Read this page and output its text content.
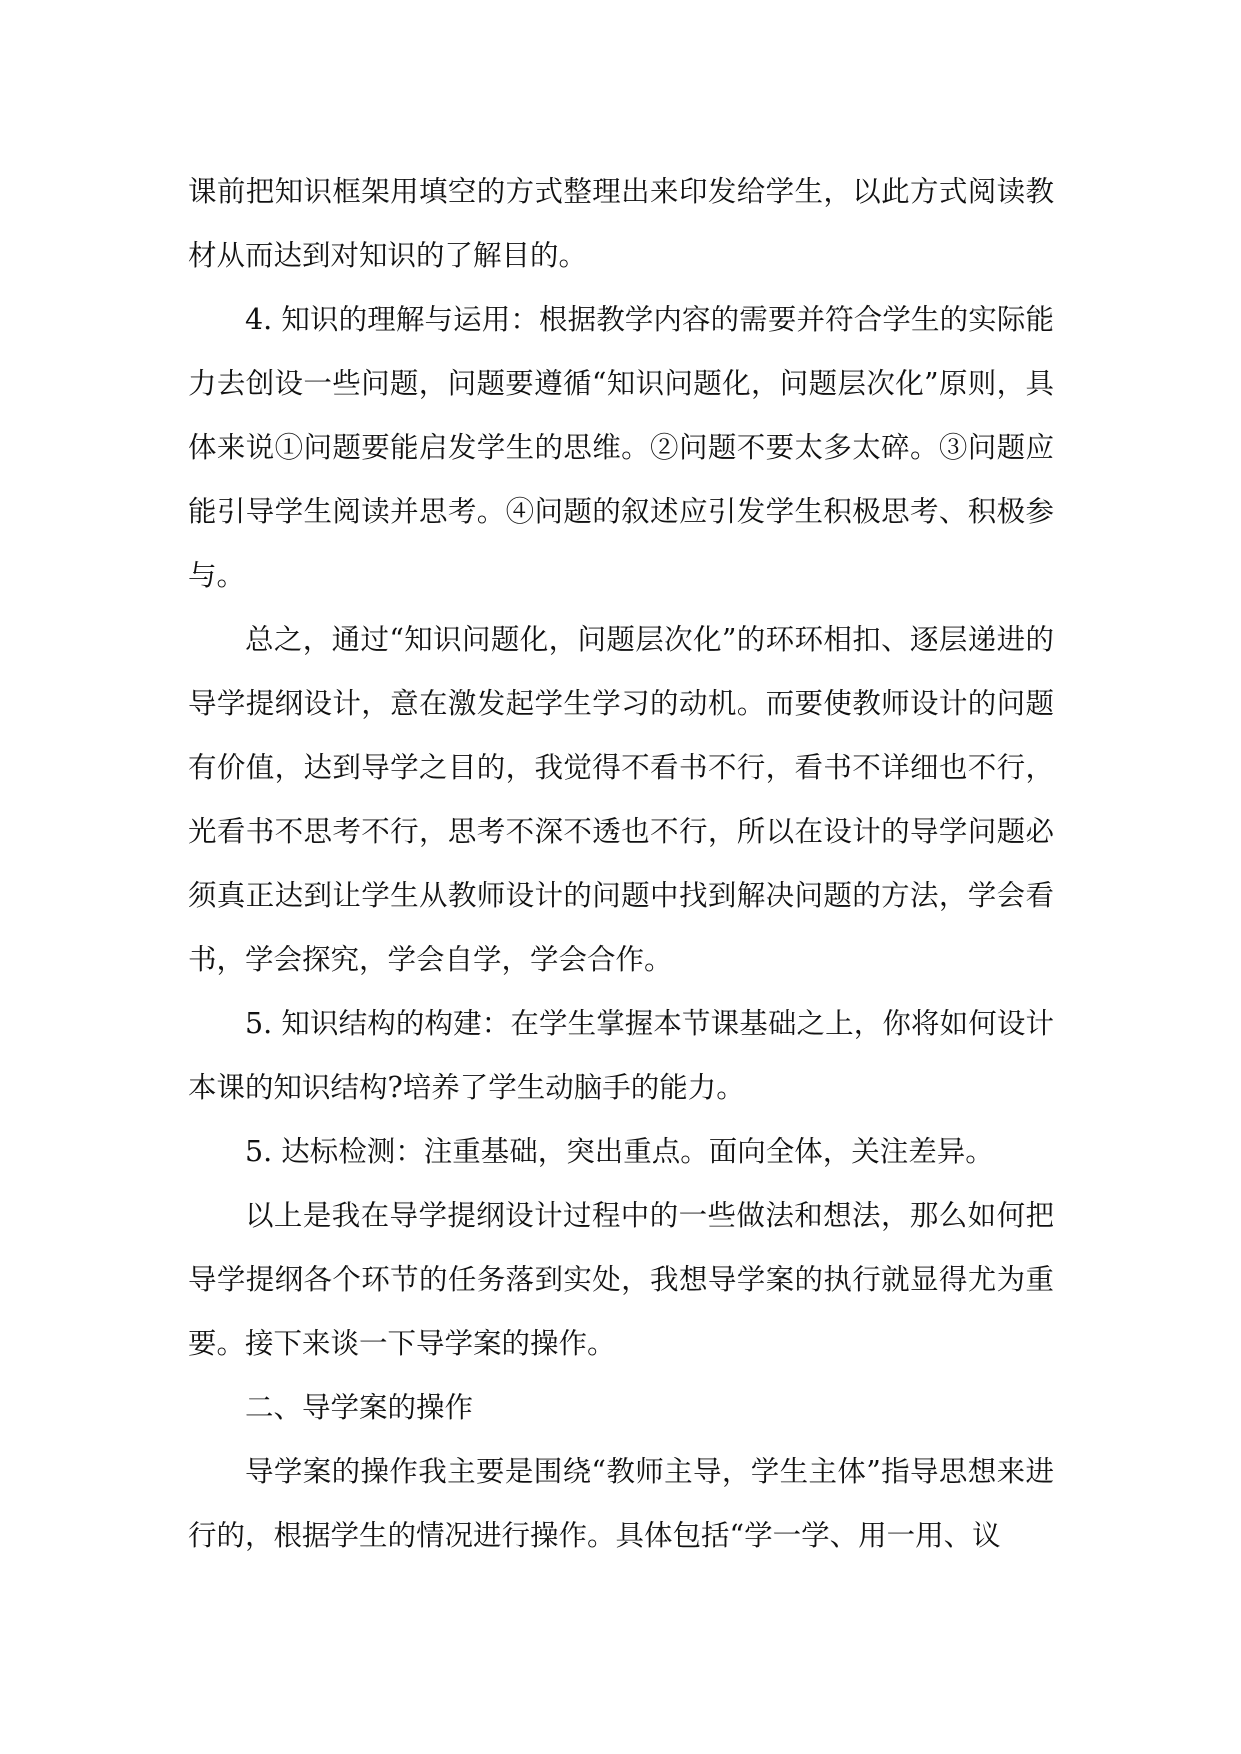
课前把知识框架用填空的方式整理出来印发给学生，以此方式阅读教材从而达到对知识的了解目的。

4. 知识的理解与运用：根据教学内容的需要并符合学生的实际能力去创设一些问题，问题要遵循“知识问题化，问题层次化”原则，具体来说①问题要能启发学生的思维。②问题不要太多太碎。③问题应能引导学生阅读并思考。④问题的叙述应引发学生积极思考、积极参与。

总之，通过“知识问题化，问题层次化”的环环相扣、逐层递进的导学提纲设计，意在激发起学生学习的动机。而要使教师设计的问题有价值，达到导学之目的，我觉得不看书不行，看书不详细也不行，光看书不思考不行，思考不深不透也不行，所以在设计的导学问题必须真正达到让学生从教师设计的问题中找到解决问题的方法，学会看书，学会探究，学会自学，学会合作。

5. 知识结构的构建：在学生掌握本节课基础之上，你将如何设计本课的知识结构?培养了学生动脑手的能力。

5. 达标检测：注重基础，突出重点。面向全体，关注差异。

以上是我在导学提纲设计过程中的一些做法和想法，那么如何把导学提纲各个环节的任务落到实处，我想导学案的执行就显得尤为重要。接下来谈一下导学案的操作。

二、导学案的操作

导学案的操作我主要是围绕“教师主导，学生主体”指导思想来进行的，根据学生的情况进行操作。具体包括“学一学、用一用、议
